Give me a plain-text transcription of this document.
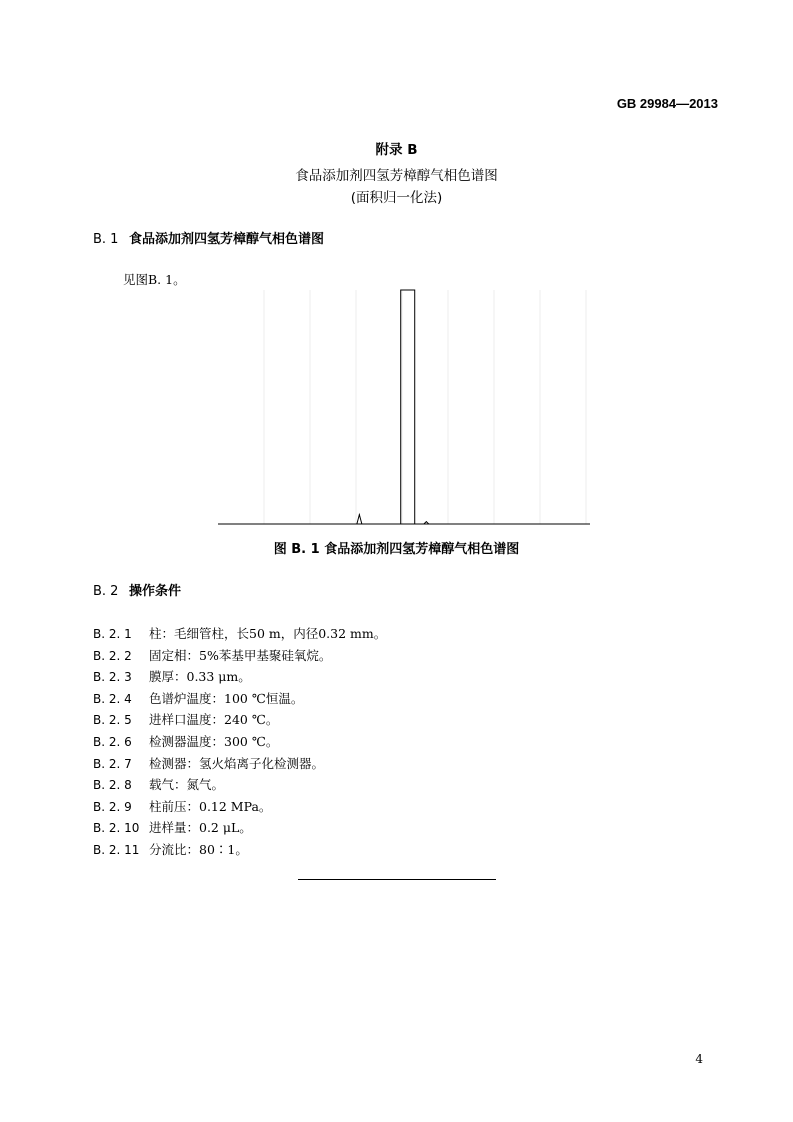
GB 29984—2013
附录 B
食品添加剂四氢芳樟醇气相色谱图
(面积归一化法)
B. 1 食品添加剂四氢芳樟醇气相色谱图
见图B. 1。
图 B. 1 食品添加剂四氢芳樟醇气相色谱图
B. 2 操作条件
B. 2. 1 柱：毛细管柱，长50 m，内径0.32 mm。
B. 2. 2 固定相：5%苯基甲基聚硅氧烷。
B. 2. 3 膜厚：0.33 μm。
B. 2. 4 色谱炉温度：100 ℃恒温。
B. 2. 5 进样口温度：240 ℃。
B. 2. 6 检测器温度：300 ℃。
B. 2. 7 检测器：氢火焰离子化检测器。
B. 2. 8 载气：氮气。
B. 2. 9 柱前压：0.12 MPa。
B. 2. 10 进样量：0.2 μL。
B. 2. 11 分流比：80∶1。
4
